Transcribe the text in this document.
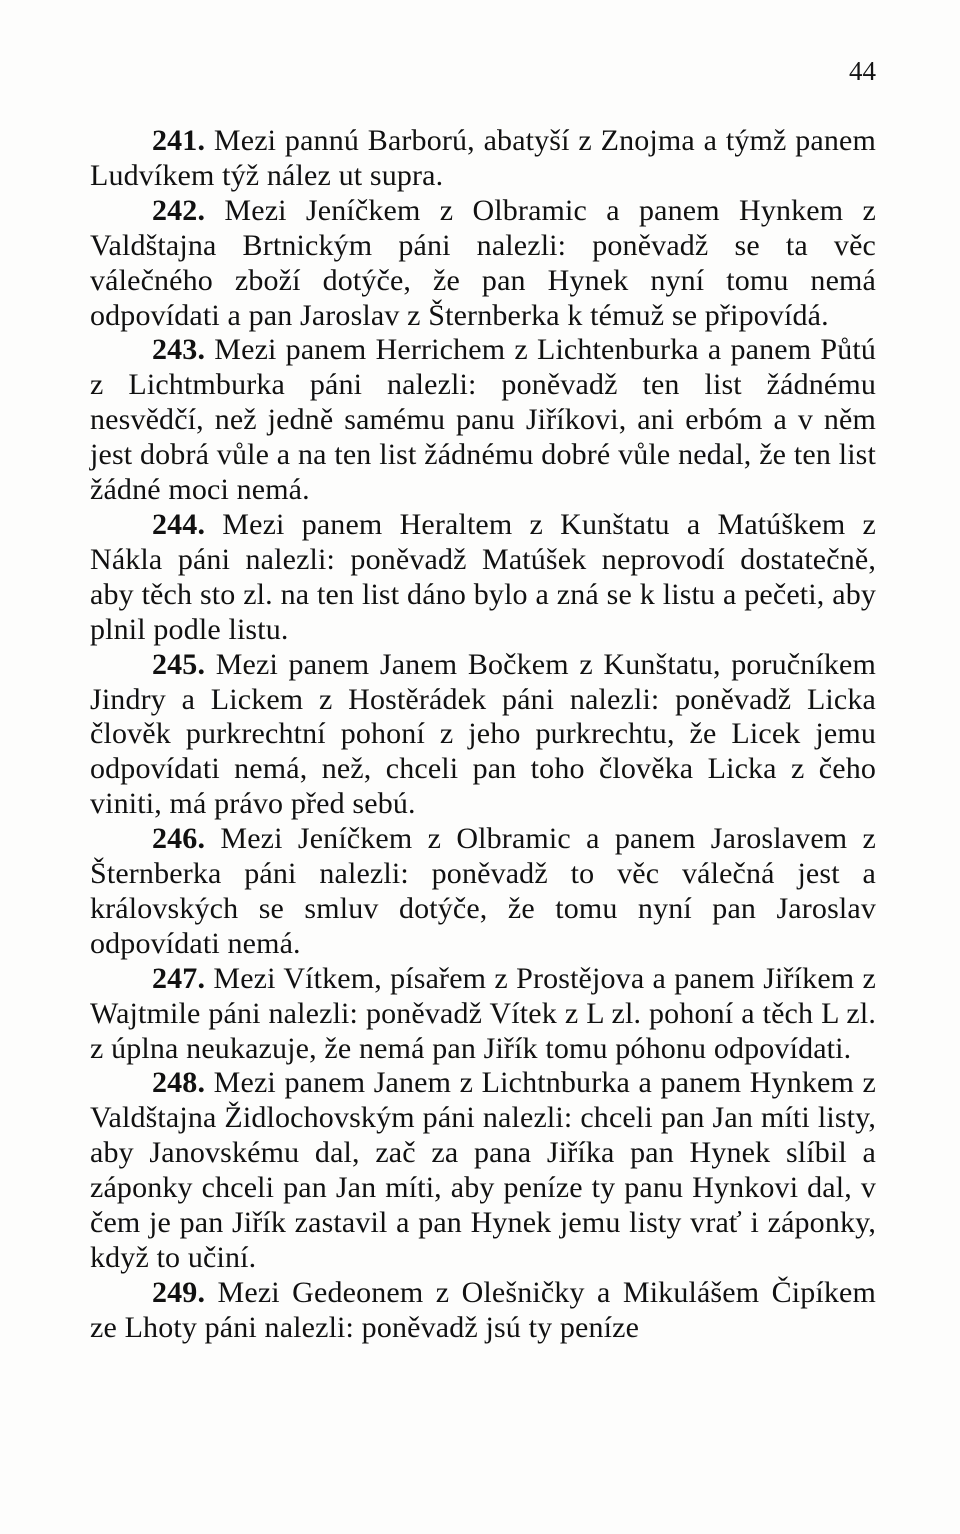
44

241. Mezi pannú Barború, abatyší z Znojma a týmž panem Ludvíkem týž nález ut supra.

242. Mezi Jeníčkem z Olbramic a panem Hynkem z Valdštajna Brtnickým páni nalezli: poněvadž se ta věc válečného zboží dotýče, že pan Hynek nyní tomu nemá odpovídati a pan Jaroslav z Šternberka k témuž se připovídá.

243. Mezi panem Herrichem z Lichtenburka a panem Půtú z Lichtmburka páni nalezli: poněvadž ten list žádnému nesvědčí, než jedně samému panu Jiříkovi, ani erbóm a v něm jest dobrá vůle a na ten list žádnému dobré vůle nedal, že ten list žádné moci nemá.

244. Mezi panem Heraltem z Kunštatu a Matúškem z Nákla páni nalezli: poněvadž Matúšek neprovodí dostatečně, aby těch sto zl. na ten list dáno bylo a zná se k listu a pečeti, aby plnil podle listu.

245. Mezi panem Janem Bočkem z Kunštatu, poručníkem Jindry a Lickem z Hostěrádek páni nalezli: poněvadž Licka člověk purkrechtní pohoní z jeho purkrechtu, že Licek jemu odpovídati nemá, než, chceli pan toho člověka Licka z čeho viniti, má právo před sebú.

246. Mezi Jeníčkem z Olbramic a panem Jaroslavem z Šternberka páni nalezli: poněvadž to věc válečná jest a královských se smluv dotýče, že tomu nyní pan Jaroslav odpovídati nemá.

247. Mezi Vítkem, písařem z Prostějova a panem Jiříkem z Wajtmile páni nalezli: poněvadž Vítek z L zl. pohoní a těch L zl. z úplna neukazuje, že nemá pan Jiřík tomu póhonu odpovídati.

248. Mezi panem Janem z Lichtnburka a panem Hynkem z Valdštajna Židlochovským páni nalezli: chceli pan Jan míti listy, aby Janovskému dal, zač za pana Jiříka pan Hynek slíbil a záponky chceli pan Jan míti, aby peníze ty panu Hynkovi dal, v čem je pan Jiřík zastavil a pan Hynek jemu listy vrať i záponky, když to učiní.

249. Mezi Gedeonem z Olešničky a Mikulášem Čipíkem ze Lhoty páni nalezli: poněvadž jsú ty peníze
